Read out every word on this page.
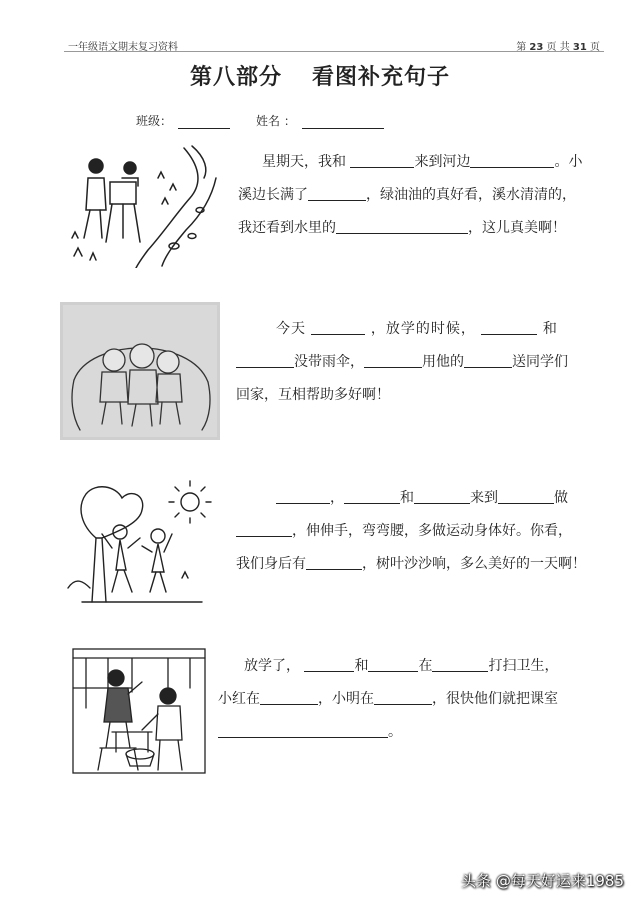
一年级语文期末复习资料	第 23 页 共 31 页
第八部分 看图补充句子
班级：	姓名 ：
星期天，我和	来到河边	。小
溪边长满了	，绿油油的真好看，溪水清清的，
我还看到水里的	，这儿真美啊！
今天	，放学的时候，	和
没带雨伞，	用他的	送同学们
回家，互相帮助多好啊！
，	和	来到	做
，伸伸手，弯弯腰，多做运动身体好。你看，
我们身后有	，树叶沙沙响，多么美好的一天啊！
放学了，	和	在	打扫卫生，
小红在	，小明在	，很快他们就把课室
。
头条 @每天好运来1985
